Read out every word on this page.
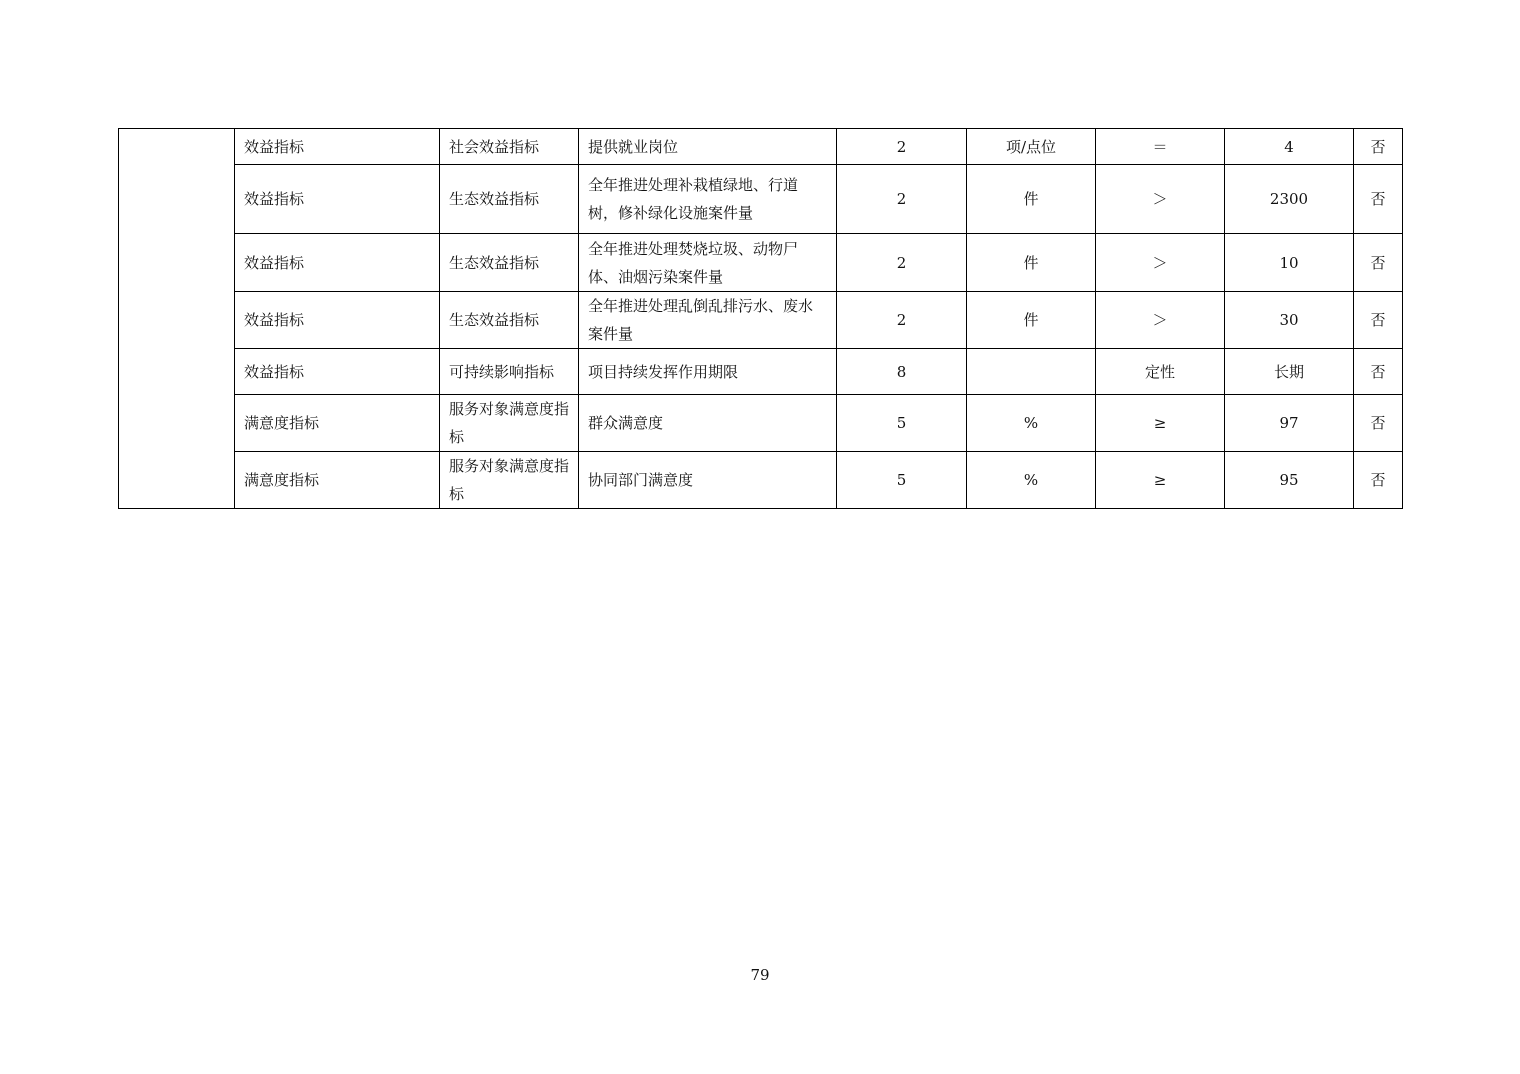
	效益指标	社会效益指标	提供就业岗位	2	项/点位	＝	4	否
	效益指标	生态效益指标	全年推进处理补栽植绿地、行道树，修补绿化设施案件量	2	件	＞	2300	否
	效益指标	生态效益指标	全年推进处理焚烧垃圾、动物尸体、油烟污染案件量	2	件	＞	10	否
	效益指标	生态效益指标	全年推进处理乱倒乱排污水、废水案件量	2	件	＞	30	否
	效益指标	可持续影响指标	项目持续发挥作用期限	8		定性	长期	否
	满意度指标	服务对象满意度指标	群众满意度	5	%	≥	97	否
	满意度指标	服务对象满意度指标	协同部门满意度	5	%	≥	95	否
79
